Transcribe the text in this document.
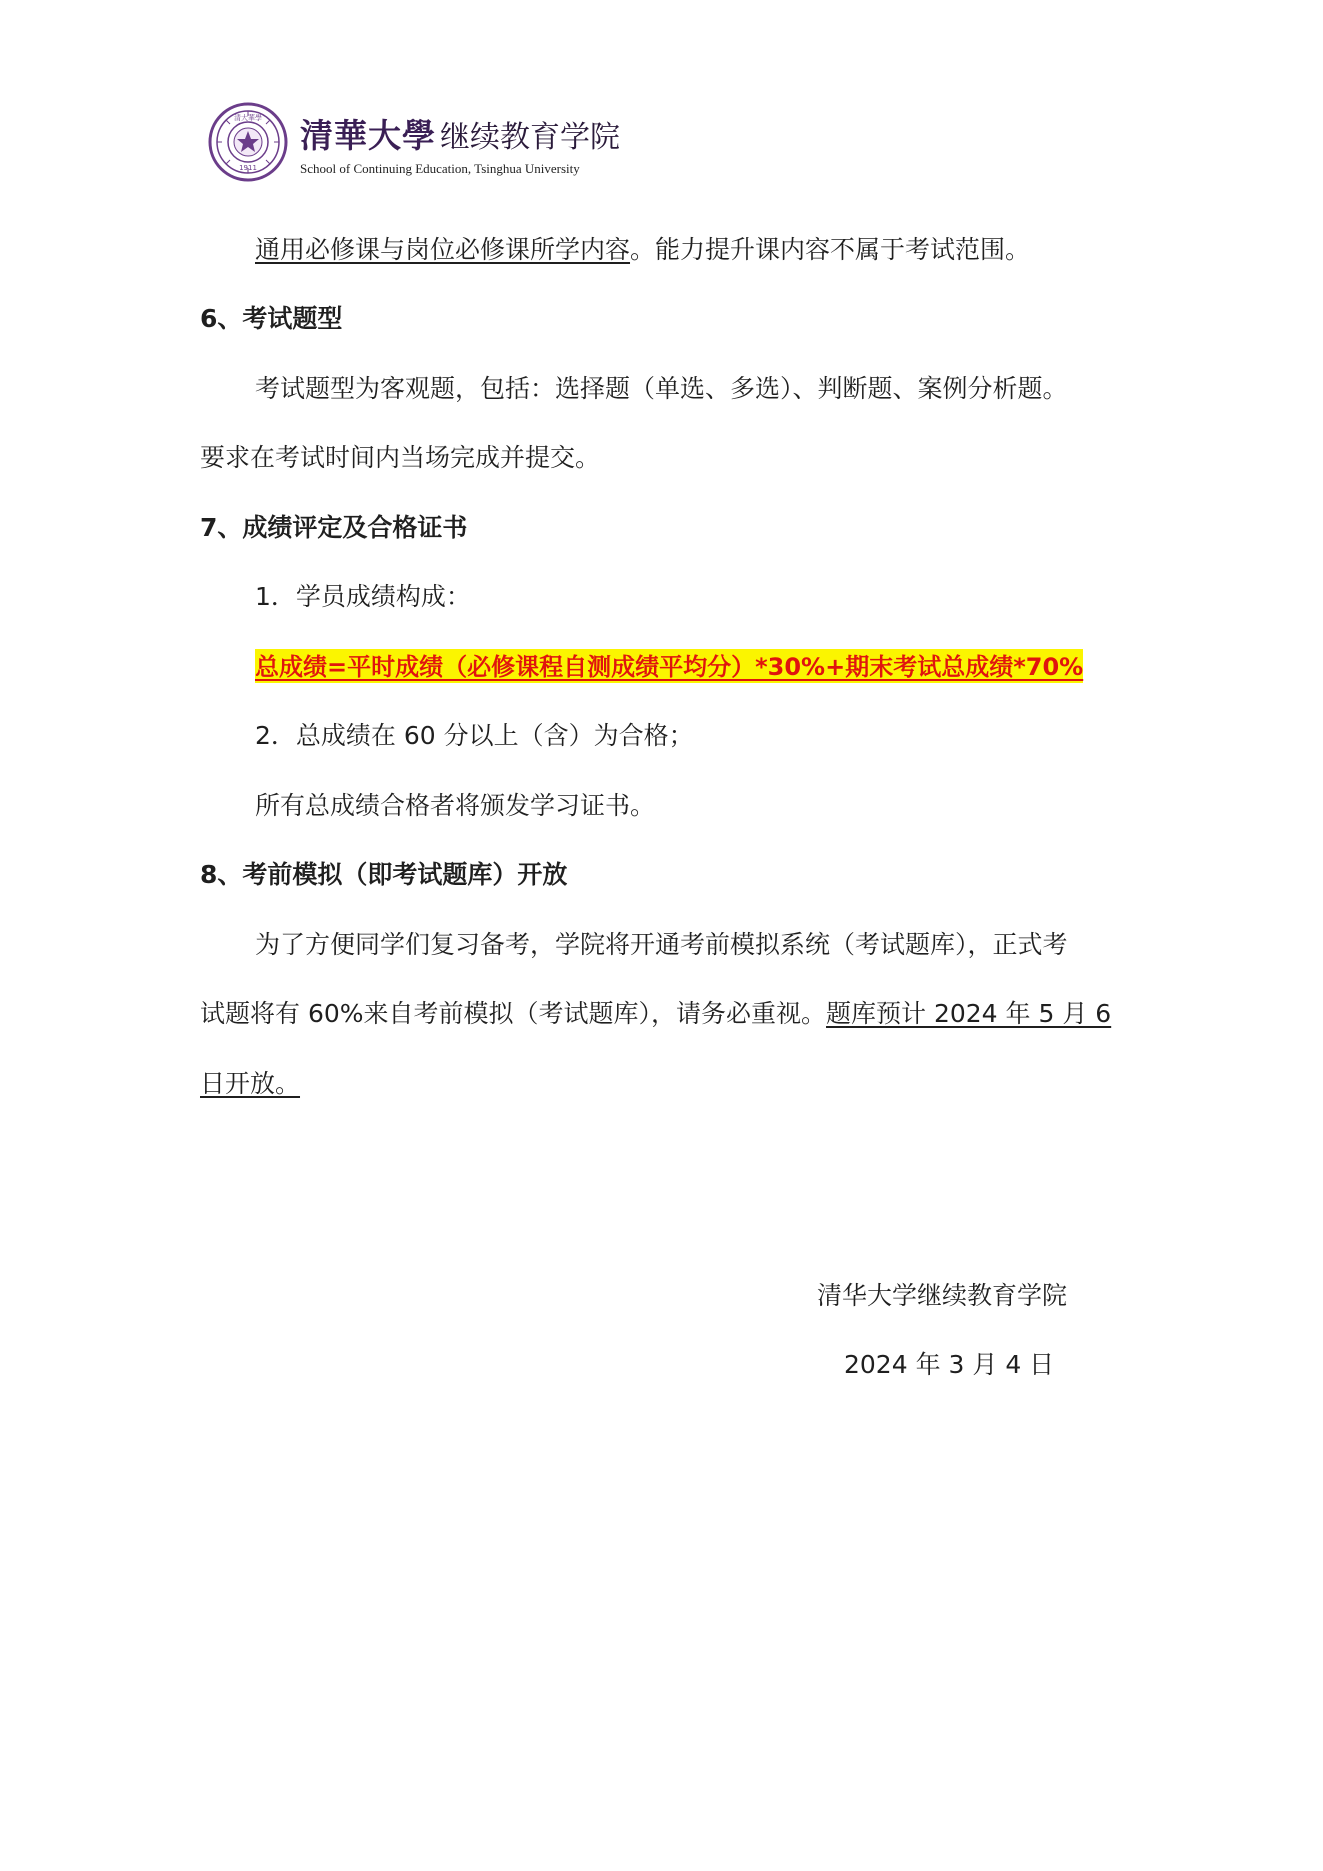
清大華學
1911
清華大學 继续教育学院
School of Continuing Education, Tsinghua University
通用必修课与岗位必修课所学内容。能力提升课内容不属于考试范围。
6、考试题型
考试题型为客观题，包括：选择题（单选、多选）、判断题、案例分析题。
要求在考试时间内当场完成并提交。
7、成绩评定及合格证书
1．学员成绩构成：
总成绩=平时成绩（必修课程自测成绩平均分）*30%+期末考试总成绩*70%
2．总成绩在 60 分以上（含）为合格；
所有总成绩合格者将颁发学习证书。
8、考前模拟（即考试题库）开放
为了方便同学们复习备考，学院将开通考前模拟系统（考试题库），正式考
试题将有 60%来自考前模拟（考试题库），请务必重视。题库预计 2024 年 5 月 6
日开放。
清华大学继续教育学院
2024 年 3 月 4 日
